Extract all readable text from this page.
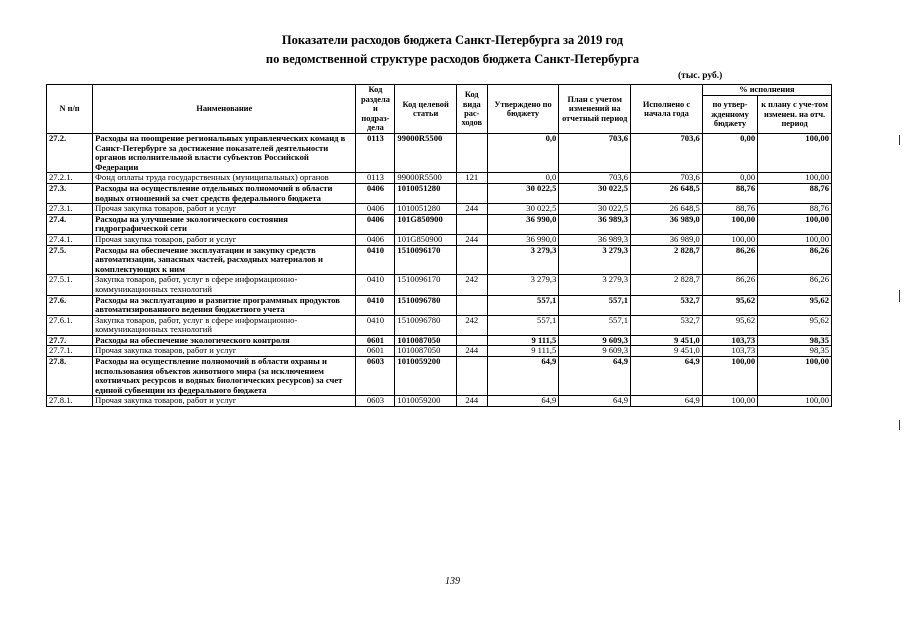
Показатели расходов бюджета Санкт-Петербурга за 2019 год
по ведомственной структуре расходов бюджета Санкт-Петербурга
(тыс. руб.)
N п/п	Наименование	Код раздела и подраз-дела	Код целевой статьи	Код вида рас-ходов	Утверждено по бюджету	План с учетом изменений на отчетный период	Исполнено с начала года	% исполнения	
								по утвер-жденному бюджету	к плану с уче-том изменен. на отч. период
27.2.	Расходы на поощрение региональных управленческих команд в Санкт-Петербурге за достижение показателей деятельности органов исполнительной власти субъектов Российской Федерации	0113	99000R5500		0,0	703,6	703,6	0,00	100,00
27.2.1.	Фонд оплаты труда государственных (муниципальных) органов	0113	99000R5500	121	0,0	703,6	703,6	0,00	100,00
27.3.	Расходы на осуществление отдельных полномочий в области водных отношений за счет средств федерального бюджета	0406	1010051280		30 022,5	30 022,5	26 648,5	88,76	88,76
27.3.1.	Прочая закупка товаров, работ и услуг	0406	1010051280	244	30 022,5	30 022,5	26 648,5	88,76	88,76
27.4.	Расходы на улучшение экологического состояния гидрографической сети	0406	101G850900		36 990,0	36 989,3	36 989,0	100,00	100,00
27.4.1.	Прочая закупка товаров, работ и услуг	0406	101G850900	244	36 990,0	36 989,3	36 989,0	100,00	100,00
27.5.	Расходы на обеспечение эксплуатации и закупку средств автоматизации, запасных частей, расходных материалов и комплектующих к ним	0410	1510096170		3 279,3	3 279,3	2 828,7	86,26	86,26
27.5.1.	Закупка товаров, работ, услуг в сфере информационно-коммуникационных технологий	0410	1510096170	242	3 279,3	3 279,3	2 828,7	86,26	86,26
27.6.	Расходы на эксплуатацию и развитие программных продуктов автоматизированного ведения бюджетного учета	0410	1510096780		557,1	557,1	532,7	95,62	95,62
27.6.1.	Закупка товаров, работ, услуг в сфере информационно-коммуникационных технологий	0410	1510096780	242	557,1	557,1	532,7	95,62	95,62
27.7.	Расходы на обеспечение экологического контроля	0601	1010087050		9 111,5	9 609,3	9 451,0	103,73	98,35
27.7.1.	Прочая закупка товаров, работ и услуг	0601	1010087050	244	9 111,5	9 609,3	9 451,0	103,73	98,35
27.8.	Расходы на осуществление полномочий в области охраны и использования объектов животного мира (за исключением охотничьих ресурсов и водных биологических ресурсов) за счет единой субвенции из федерального бюджета	0603	1010059200		64,9	64,9	64,9	100,00	100,00
27.8.1.	Прочая закупка товаров, работ и услуг	0603	1010059200	244	64,9	64,9	64,9	100,00	100,00
139
